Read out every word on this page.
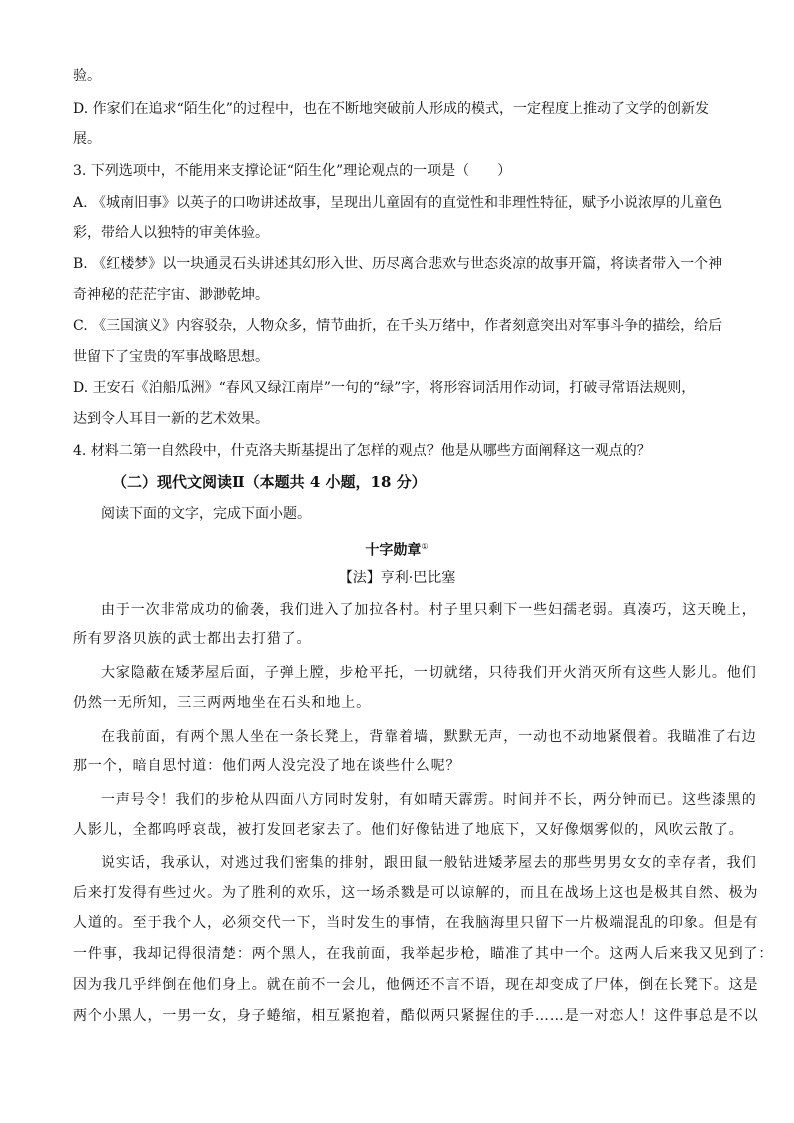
验。
D. 作家们在追求“陌生化”的过程中，也在不断地突破前人形成的模式，一定程度上推动了文学的创新发
展。
3. 下列选项中，不能用来支撑论证“陌生化”理论观点的一项是（　　）
A. 《城南旧事》以英子的口吻讲述故事，呈现出儿童固有的直觉性和非理性特征，赋予小说浓厚的儿童色
彩，带给人以独特的审美体验。
B. 《红楼梦》以一块通灵石头讲述其幻形入世、历尽离合悲欢与世态炎凉的故事开篇，将读者带入一个神
奇神秘的茫茫宇宙、渺渺乾坤。
C. 《三国演义》内容驳杂，人物众多，情节曲折，在千头万绪中，作者刻意突出对军事斗争的描绘，给后
世留下了宝贵的军事战略思想。
D. 王安石《泊船瓜洲》“春风又绿江南岸”一句的“绿”字，将形容词活用作动词，打破寻常语法规则，
达到令人耳目一新的艺术效果。
4. 材料二第一自然段中，什克洛夫斯基提出了怎样的观点？他是从哪些方面阐释这一观点的？
（二）现代文阅读Ⅱ（本题共 4 小题，18 分）
阅读下面的文字，完成下面小题。
十字勋章①
【法】亨利·巴比塞
由于一次非常成功的偷袭，我们进入了加拉各村。村子里只剩下一些妇孺老弱。真凑巧，这天晚上，
所有罗洛贝族的武士都出去打猎了。
大家隐蔽在矮茅屋后面，子弹上膛，步枪平托，一切就绪，只待我们开火消灭所有这些人影儿。他们
仍然一无所知，三三两两地坐在石头和地上。
在我前面，有两个黑人坐在一条长凳上，背靠着墙，默默无声，一动也不动地紧偎着。我瞄准了右边
那一个，暗自思忖道：他们两人没完没了地在谈些什么呢？
一声号令！我们的步枪从四面八方同时发射，有如晴天霹雳。时间并不长，两分钟而已。这些漆黑的
人影儿，全都呜呼哀哉，被打发回老家去了。他们好像钻进了地底下，又好像烟雾似的，风吹云散了。
说实话，我承认，对逃过我们密集的排射，跟田鼠一般钻进矮茅屋去的那些男男女女的幸存者，我们
后来打发得有些过火。为了胜利的欢乐，这一场杀戮是可以谅解的，而且在战场上这也是极其自然、极为
人道的。至于我个人，必须交代一下，当时发生的事情，在我脑海里只留下一片极端混乱的印象。但是有
一件事，我却记得很清楚：两个黑人，在我前面，我举起步枪，瞄准了其中一个。这两人后来我又见到了：
因为我几乎绊倒在他们身上。就在前不一会儿，他俩还不言不语，现在却变成了尸体，倒在长凳下。这是
两个小黑人，一男一女，身子蜷缩，相互紧抱着，酷似两只紧握住的手……是一对恋人！这件事总是不以
